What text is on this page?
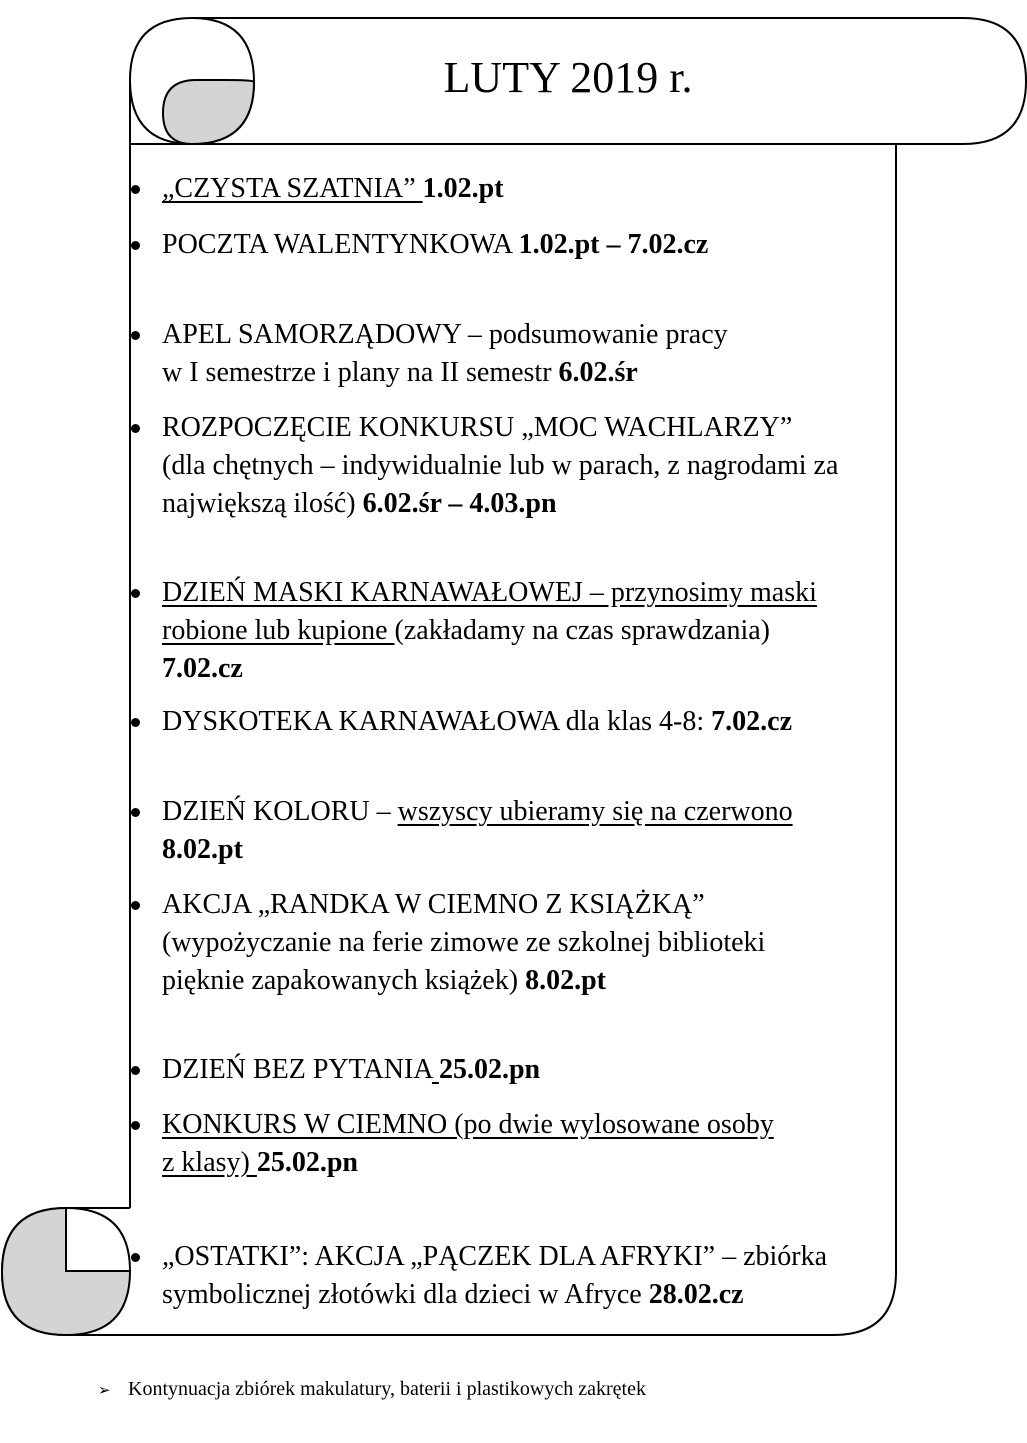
LUTY 2019 r.
„CZYSTA SZATNIA” 1.02.pt
POCZTA WALENTYNKOWA 1.02.pt – 7.02.cz
APEL SAMORZĄDOWY – podsumowanie pracy
w I semestrze i plany na II semestr 6.02.śr
ROZPOCZĘCIE KONKURSU „MOC WACHLARZY”
(dla chętnych – indywidualnie lub w parach, z nagrodami za
największą ilość) 6.02.śr – 4.03.pn
DZIEŃ MASKI KARNAWAŁOWEJ – przynosimy maski
robione lub kupione (zakładamy na czas sprawdzania)
7.02.cz
DYSKOTEKA KARNAWAŁOWA dla klas 4-8: 7.02.cz
DZIEŃ KOLORU – wszyscy ubieramy się na czerwono
8.02.pt
AKCJA „RANDKA W CIEMNO Z KSIĄŻKĄ”
(wypożyczanie na ferie zimowe ze szkolnej biblioteki
pięknie zapakowanych książek) 8.02.pt
DZIEŃ BEZ PYTANIA 25.02.pn
KONKURS W CIEMNO (po dwie wylosowane osoby
z klasy) 25.02.pn
„OSTATKI”: AKCJA „PĄCZEK DLA AFRYKI” – zbiórka
symbolicznej złotówki dla dzieci w Afryce 28.02.cz
➢ Kontynuacja zbiórek makulatury, baterii i plastikowych zakrętek
